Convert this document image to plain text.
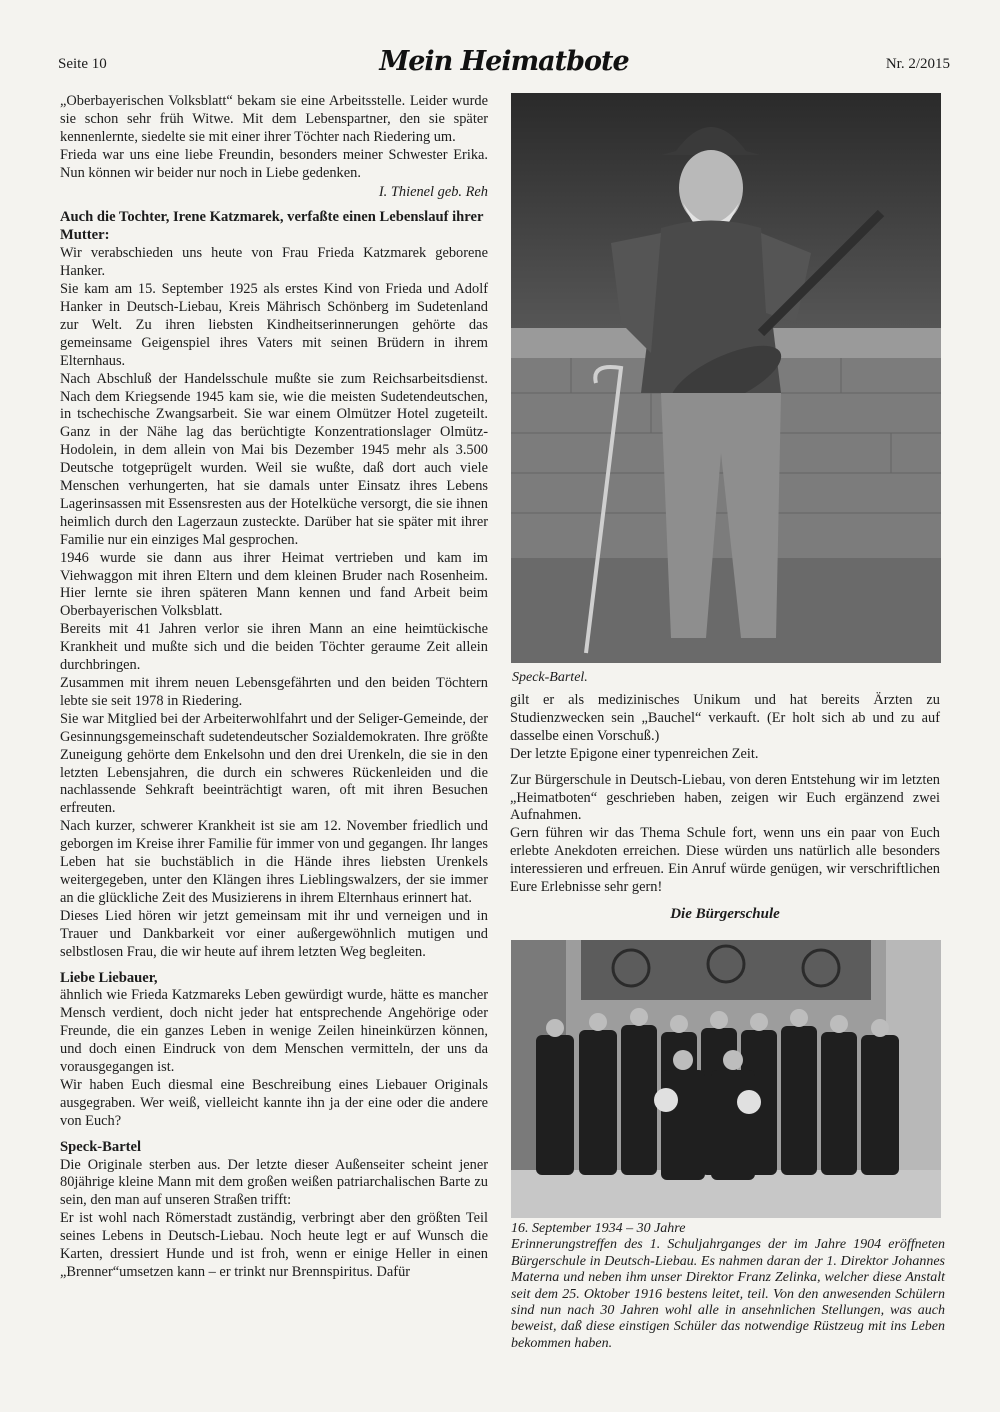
Seite 10	Mein Heimatbote	Nr. 2/2015

„Oberbayerischen Volksblatt“ bekam sie eine Arbeitsstelle. Leider wurde sie schon sehr früh Witwe. Mit dem Lebenspartner, den sie später kennenlernte, siedelte sie mit einer ihrer Töchter nach Riedering um.

Frieda war uns eine liebe Freundin, besonders meiner Schwester Erika. Nun können wir beider nur noch in Liebe gedenken.

I. Thienel geb. Reh

Auch die Tochter, Irene Katzmarek, verfaßte einen Lebenslauf ihrer Mutter:

Wir verabschieden uns heute von Frau Frieda Katzmarek geborene Hanker.

Sie kam am 15. September 1925 als erstes Kind von Frieda und Adolf Hanker in Deutsch-Liebau, Kreis Mährisch Schönberg im Sudetenland zur Welt. Zu ihren liebsten Kindheitserinnerungen gehörte das gemeinsame Geigenspiel ihres Vaters mit seinen Brüdern in ihrem Elternhaus.

Nach Abschluß der Handelsschule mußte sie zum Reichsarbeitsdienst. Nach dem Kriegsende 1945 kam sie, wie die meisten Sudetendeutschen, in tschechische Zwangsarbeit. Sie war einem Olmützer Hotel zugeteilt. Ganz in der Nähe lag das berüchtigte Konzentrationslager Olmütz-Hodolein, in dem allein von Mai bis Dezember 1945 mehr als 3.500 Deutsche totgeprügelt wurden. Weil sie wußte, daß dort auch viele Menschen verhungerten, hat sie damals unter Einsatz ihres Lebens Lagerinsassen mit Essensresten aus der Hotelküche versorgt, die sie ihnen heimlich durch den Lagerzaun zusteckte. Darüber hat sie später mit ihrer Familie nur ein einziges Mal gesprochen.

1946 wurde sie dann aus ihrer Heimat vertrieben und kam im Viehwaggon mit ihren Eltern und dem kleinen Bruder nach Rosenheim. Hier lernte sie ihren späteren Mann kennen und fand Arbeit beim Oberbayerischen Volksblatt.

Bereits mit 41 Jahren verlor sie ihren Mann an eine heimtückische Krankheit und mußte sich und die beiden Töchter geraume Zeit allein durchbringen.

Zusammen mit ihrem neuen Lebensgefährten und den beiden Töchtern lebte sie seit 1978 in Riedering.

Sie war Mitglied bei der Arbeiterwohlfahrt und der Seliger-Gemeinde, der Gesinnungsgemeinschaft sudetendeutscher Sozialdemokraten. Ihre größte Zuneigung gehörte dem Enkelsohn und den drei Urenkeln, die sie in den letzten Lebensjahren, die durch ein schweres Rückenleiden und die nachlassende Sehkraft beeinträchtigt waren, oft mit ihren Besuchen erfreuten.

Nach kurzer, schwerer Krankheit ist sie am 12. November friedlich und geborgen im Kreise ihrer Familie für immer von und gegangen. Ihr langes Leben hat sie buchstäblich in die Hände ihres liebsten Urenkels weitergegeben, unter den Klängen ihres Lieblingswalzers, der sie immer an die glückliche Zeit des Musizierens in ihrem Elternhaus erinnert hat.

Dieses Lied hören wir jetzt gemeinsam mit ihr und verneigen und in Trauer und Dankbarkeit vor einer außergewöhnlich mutigen und selbstlosen Frau, die wir heute auf ihrem letzten Weg begleiten.

Liebe Liebauer,

ähnlich wie Frieda Katzmareks Leben gewürdigt wurde, hätte es mancher Mensch verdient, doch nicht jeder hat entsprechende Angehörige oder Freunde, die ein ganzes Leben in wenige Zeilen hineinkürzen können, und doch einen Eindruck von dem Menschen vermitteln, der uns da vorausgegangen ist.

Wir haben Euch diesmal eine Beschreibung eines Liebauer Originals ausgegraben. Wer weiß, vielleicht kannte ihn ja der eine oder die andere von Euch?

Speck-Bartel

Die Originale sterben aus. Der letzte dieser Außenseiter scheint jener 80jährige kleine Mann mit dem großen weißen patriarchalischen Barte zu sein, den man auf unseren Straßen trifft:

Er ist wohl nach Römerstadt zuständig, verbringt aber den größten Teil seines Lebens in Deutsch-Liebau. Noch heute legt er auf Wunsch die Karten, dressiert Hunde und ist froh, wenn er einige Heller in einen „Brenner“umsetzen kann – er trinkt nur Brennspiritus. Dafür

Speck-Bartel.

gilt er als medizinisches Unikum und hat bereits Ärzten zu Studienzwecken sein „Bauchel“ verkauft. (Er holt sich ab und zu auf dasselbe einen Vorschuß.)

Der letzte Epigone einer typenreichen Zeit.

Zur Bürgerschule in Deutsch-Liebau, von deren Entstehung wir im letzten „Heimatboten“ geschrieben haben, zeigen wir Euch ergänzend zwei Aufnahmen.

Gern führen wir das Thema Schule fort, wenn uns ein paar von Euch erlebte Anekdoten erreichen. Diese würden uns natürlich alle besonders interessieren und erfreuen. Ein Anruf würde genügen, wir verschriftlichen Eure Erlebnisse sehr gern!

Die Bürgerschule

16. September 1934 – 30 Jahre

Erinnerungstreffen des 1. Schuljahrganges der im Jahre 1904 eröffneten Bürgerschule in Deutsch-Liebau. Es nahmen daran der 1. Direktor Johannes Materna und neben ihm unser Direktor Franz Zelinka, welcher diese Anstalt seit dem 25. Oktober 1916 bestens leitet, teil. Von den anwesenden Schülern sind nun nach 30 Jahren wohl alle in ansehnlichen Stellungen, was auch beweist, daß diese einstigen Schüler das notwendige Rüstzeug mit ins Leben bekommen haben.
